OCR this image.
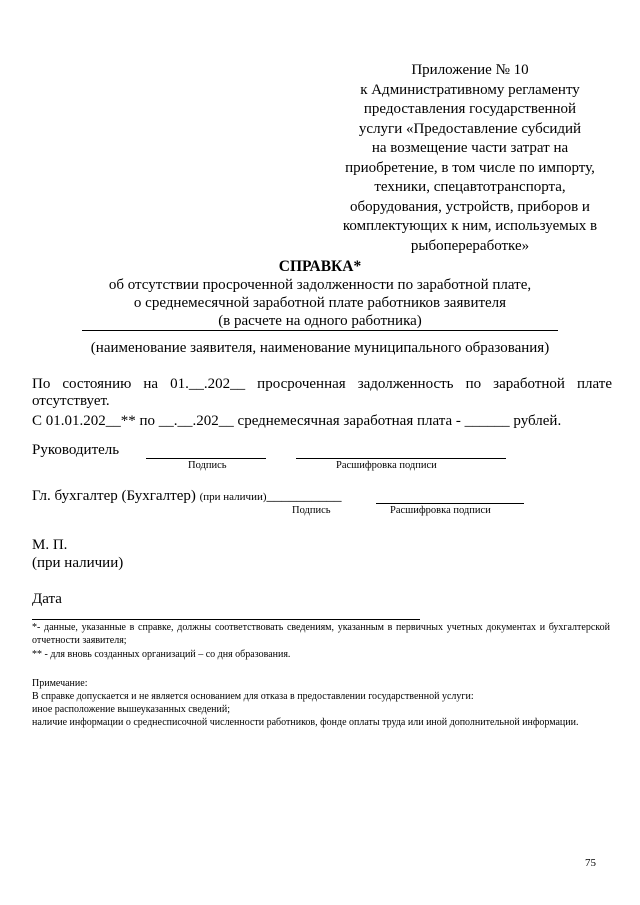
Приложение № 10
к Административному регламенту
предоставления государственной
услуги «Предоставление субсидий
на возмещение части затрат на
приобретение, в том числе по импорту,
техники, спецавтотранспорта,
оборудования, устройств, приборов и
комплектующих к ним, используемых в
рыбопереработке»
СПРАВКА*
об отсутствии просроченной задолженности по заработной плате,
о среднемесячной заработной плате работников заявителя
(в расчете на одного работника)
(наименование заявителя, наименование муниципального образования)
По состоянию на 01.__.202__ просроченная задолженность по заработной плате
отсутствует.
С 01.01.202__** по __.__.202__ среднемесячная заработная плата - ______ рублей.
Руководитель
Подпись	Расшифровка подписи
Гл. бухгалтер (Бухгалтер) (при наличии)__________
Подпись	Расшифровка подписи
М. П.
(при наличии)
Дата
*- данные, указанные в справке, должны соответствовать сведениям, указанным в первичных учетных документах и бухгалтерской отчетности заявителя;
** - для вновь созданных организаций – со дня образования.
Примечание:
В справке допускается и не является основанием для отказа в предоставлении государственной услуги:
иное расположение вышеуказанных сведений;
наличие информации о среднесписочной численности работников, фонде оплаты труда или иной дополнительной информации.
75
